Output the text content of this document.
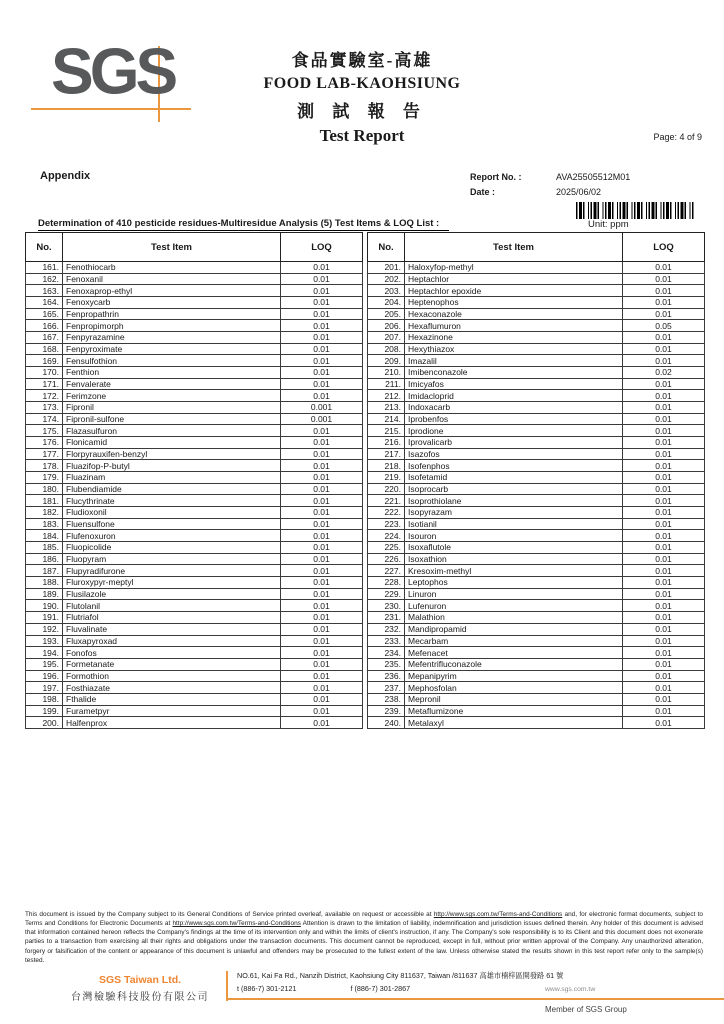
SGS	食品實驗室-高雄
FOOD LAB-KAOHSIUNG
測 試 報 告
Test Report	Page: 4 of 9
Appendix	Report No. :	AVA25505512M01
Date :	2025/06/02
Determination of 410 pesticide residues-Multiresidue Analysis (5) Test Items & LOQ List :	Unit: ppm
No.	Test Item	LOQ
161.	Fenothiocarb	0.01
162.	Fenoxanil	0.01
163.	Fenoxaprop-ethyl	0.01
164.	Fenoxycarb	0.01
165.	Fenpropathrin	0.01
166.	Fenpropimorph	0.01
167.	Fenpyrazamine	0.01
168.	Fenpyroximate	0.01
169.	Fensulfothion	0.01
170.	Fenthion	0.01
171.	Fenvalerate	0.01
172.	Ferimzone	0.01
173.	Fipronil	0.001
174.	Fipronil-sulfone	0.001
175.	Flazasulfuron	0.01
176.	Flonicamid	0.01
177.	Florpyrauxifen-benzyl	0.01
178.	Fluazifop-P-butyl	0.01
179.	Fluazinam	0.01
180.	Flubendiamide	0.01
181.	Flucythrinate	0.01
182.	Fludioxonil	0.01
183.	Fluensulfone	0.01
184.	Flufenoxuron	0.01
185.	Fluopicolide	0.01
186.	Fluopyram	0.01
187.	Flupyradifurone	0.01
188.	Fluroxypyr-meptyl	0.01
189.	Flusilazole	0.01
190.	Flutolanil	0.01
191.	Flutriafol	0.01
192.	Fluvalinate	0.01
193.	Fluxapyroxad	0.01
194.	Fonofos	0.01
195.	Formetanate	0.01
196.	Formothion	0.01
197.	Fosthiazate	0.01
198.	Fthalide	0.01
199.	Furametpyr	0.01
200.	Halfenprox	0.01
No.	Test Item	LOQ
201.	Haloxyfop-methyl	0.01
202.	Heptachlor	0.01
203.	Heptachlor epoxide	0.01
204.	Heptenophos	0.01
205.	Hexaconazole	0.01
206.	Hexaflumuron	0.05
207.	Hexazinone	0.01
208.	Hexythiazox	0.01
209.	Imazalil	0.01
210.	Imibenconazole	0.02
211.	Imicyafos	0.01
212.	Imidacloprid	0.01
213.	Indoxacarb	0.01
214.	Iprobenfos	0.01
215.	Iprodione	0.01
216.	Iprovalicarb	0.01
217.	Isazofos	0.01
218.	Isofenphos	0.01
219.	Isofetamid	0.01
220.	Isoprocarb	0.01
221.	Isoprothiolane	0.01
222.	Isopyrazam	0.01
223.	Isotianil	0.01
224.	Isouron	0.01
225.	Isoxaflutole	0.01
226.	Isoxathion	0.01
227.	Kresoxim-methyl	0.01
228.	Leptophos	0.01
229.	Linuron	0.01
230.	Lufenuron	0.01
231.	Malathion	0.01
232.	Mandipropamid	0.01
233.	Mecarbam	0.01
234.	Mefenacet	0.01
235.	Mefentrifluconazole	0.01
236.	Mepanipyrim	0.01
237.	Mephosfolan	0.01
238.	Mepronil	0.01
239.	Metaflumizone	0.01
240.	Metalaxyl	0.01
This document is issued by the Company subject to its General Conditions of Service printed overleaf, available on request or accessible at http://www.sgs.com.tw/Terms-and-Conditions and, for electronic format documents, subject to Terms and Conditions for Electronic Documents at http://www.sgs.com.tw/Terms-and-Conditions Attention is drawn to the limitation of liability, indemnification and jurisdiction issues defined therein. Any holder of this document is advised that information contained hereon reflects the Company's findings at the time of its intervention only and within the limits of client's instruction, if any. The Company's sole responsibility is to its Client and this document does not exonerate parties to a transaction from exercising all their rights and obligations under the transaction documents. This document cannot be reproduced, except in full, without prior written approval of the Company. Any unauthorized alteration, forgery or falsification of the content or appearance of this document is unlawful and offenders may be prosecuted to the fullest extent of the law. Unless otherwise stated the results shown in this test report refer only to the sample(s) tested.
SGS Taiwan Ltd.
台灣檢驗科技股份有限公司
NO.61, Kai Fa Rd., Nanzih District, Kaohsiung City 811637, Taiwan /811637 高雄市楠梓區開發路 61 號
t (886-7) 301-2121	f (886-7) 301-2867	www.sgs.com.tw
Member of SGS Group
